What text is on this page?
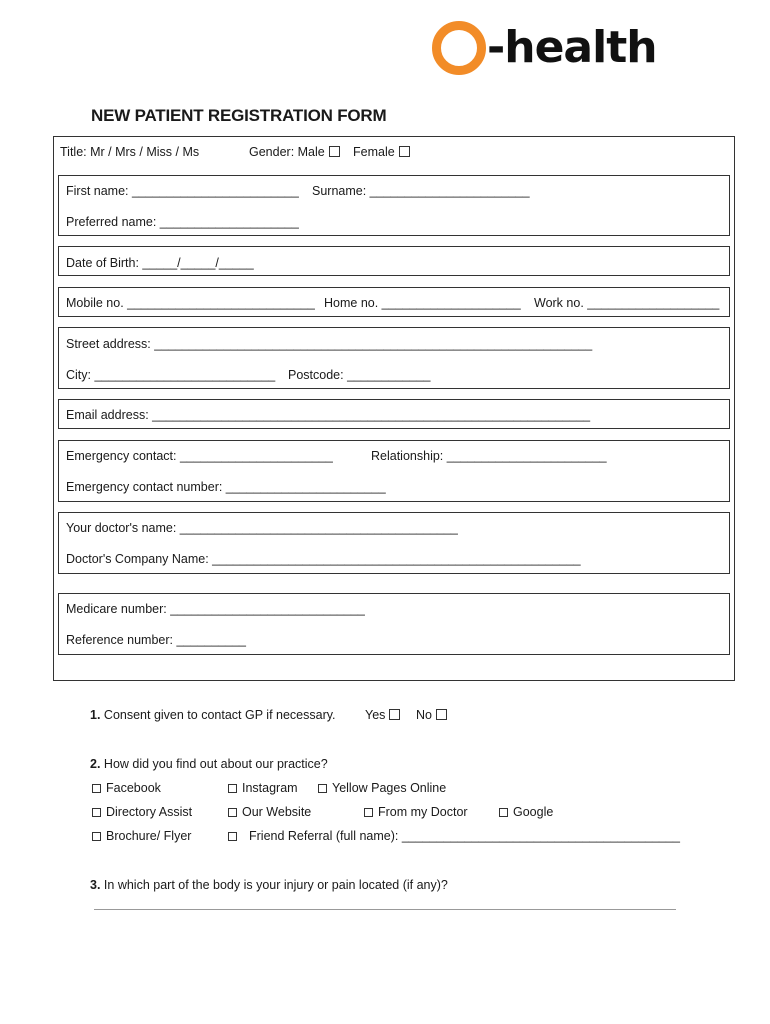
-health
NEW PATIENT REGISTRATION FORM
Title: Mr / Mrs / Miss / Ms	Gender: Male	Female
First name: ________________________ Surname: _______________________
Preferred name: ____________________
Date of Birth: _____/_____/_____
Mobile no. ___________________________ Home no. ____________________ Work no. ___________________
Street address: _______________________________________________________________
City: __________________________ Postcode: ____________
Email address: _______________________________________________________________
Emergency contact: ______________________	Relationship: _______________________
Emergency contact number: _______________________
Your doctor's name: ________________________________________
Doctor's Company Name: _____________________________________________________
Medicare number: ____________________________
Reference number: __________
1. Consent given to contact GP if necessary. Yes	No
2. How did you find out about our practice?
Facebook	Instagram	Yellow Pages Online
Directory Assist	Our Website	From my Doctor	Google
Brochure/ Flyer	Friend Referral (full name): ________________________________________
3. In which part of the body is your injury or pain located (if any)?
